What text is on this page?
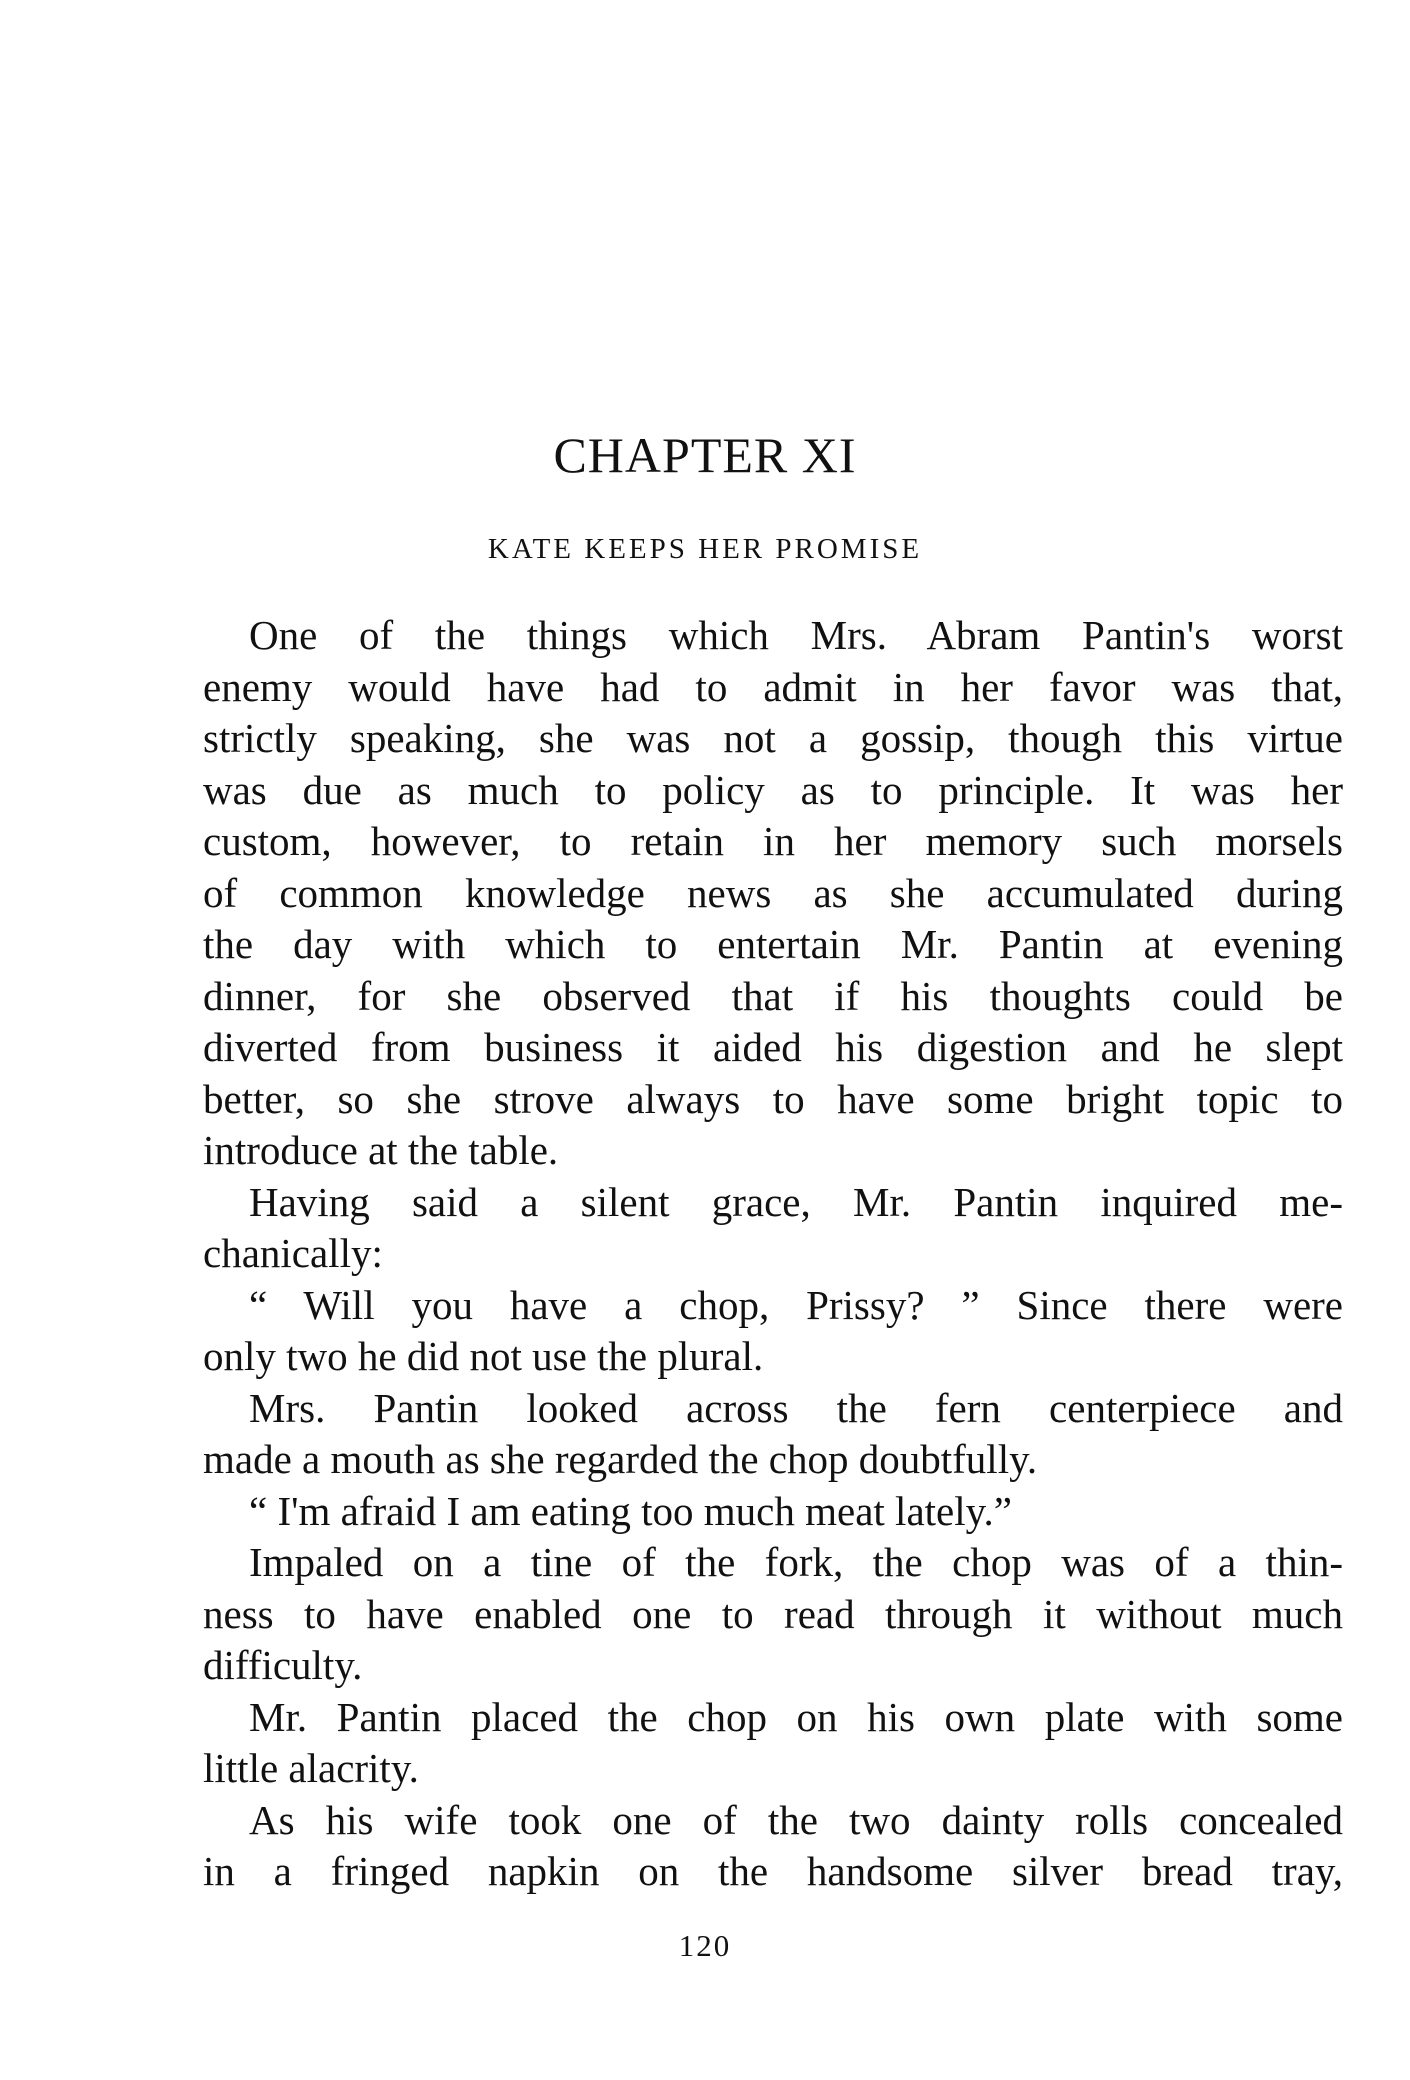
CHAPTER XI
KATE KEEPS HER PROMISE
One of the things which Mrs. Abram Pantin's worst
enemy would have had to admit in her favor was that,
strictly speaking, she was not a gossip, though this virtue
was due as much to policy as to principle. It was her
custom, however, to retain in her memory such morsels
of common knowledge news as she accumulated during
the day with which to entertain Mr. Pantin at evening
dinner, for she observed that if his thoughts could be
diverted from business it aided his digestion and he slept
better, so she strove always to have some bright topic to
introduce at the table.
Having said a silent grace, Mr. Pantin inquired me-
chanically:
“ Will you have a chop, Prissy? ” Since there were
only two he did not use the plural.
Mrs. Pantin looked across the fern centerpiece and
made a mouth as she regarded the chop doubtfully.
“ I'm afraid I am eating too much meat lately.”
Impaled on a tine of the fork, the chop was of a thin-
ness to have enabled one to read through it without much
difficulty.
Mr. Pantin placed the chop on his own plate with some
little alacrity.
As his wife took one of the two dainty rolls concealed
in a fringed napkin on the handsome silver bread tray,
120
